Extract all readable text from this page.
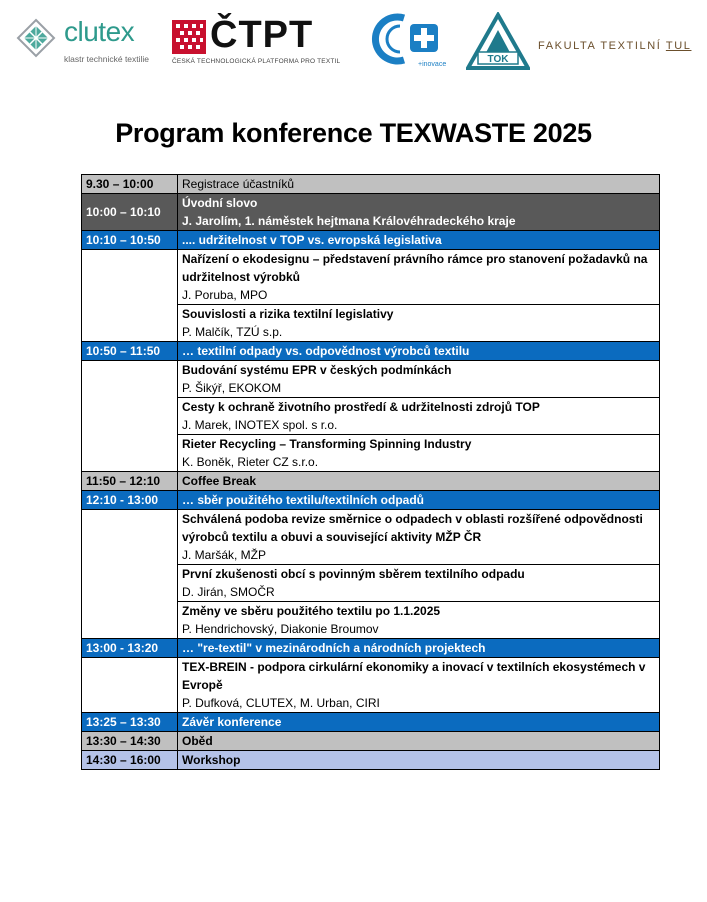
clutex
klastr technické textilie
ČTPT
ČESKÁ TECHNOLOGICKÁ PLATFORMA PRO TEXTIL	+inovace	TOK
FAKULTA TEXTILNÍ TUL
Program konference TEXWASTE 2025
9.30 – 10:00	Registrace účastníků
10:00 – 10:10	Úvodní slovo
J. Jarolím, 1. náměstek hejtmana Královéhradeckého kraje

10:10 – 10:50	.... udržitelnost v TOP vs. evropská legislativa

	Nařízení o ekodesignu – představení právního rámce pro stanovení požadavků na udržitelnost výrobků
J. Poruba, MPO

	Souvislosti a rizika textilní legislativy
P. Malčík, TZÚ s.p.

10:50 – 11:50	… textilní odpady vs. odpovědnost výrobců textilu

	Budování systému EPR v českých podmínkách
P. Šikýř, EKOKOM

	Cesty k ochraně životního prostředí & udržitelnosti zdrojů TOP
J. Marek, INOTEX spol. s r.o.

	Rieter Recycling – Transforming Spinning Industry
K. Boněk, Rieter CZ s.r.o.

11:50 – 12:10	Coffee Break
12:10 - 13:00	… sběr použitého textilu/textilních odpadů

	Schválená podoba revize směrnice o odpadech v oblasti rozšířené odpovědnosti výrobců textilu a obuvi a související aktivity MŽP ČR
J. Maršák, MŽP

	První zkušenosti obcí s povinným sběrem textilního odpadu
D. Jirán, SMOČR

	Změny ve sběru použitého textilu po 1.1.2025
P. Hendrichovský, Diakonie Broumov

13:00 - 13:20	… "re-textil" v mezinárodních a národních projektech

	TEX-BREIN - podpora cirkulární ekonomiky a inovací v textilních ekosystémech v Evropě
P. Dufková, CLUTEX, M. Urban, CIRI

13:25 – 13:30	Závěr konference
13:30 – 14:30	Oběd
14:30 – 16:00	Workshop
